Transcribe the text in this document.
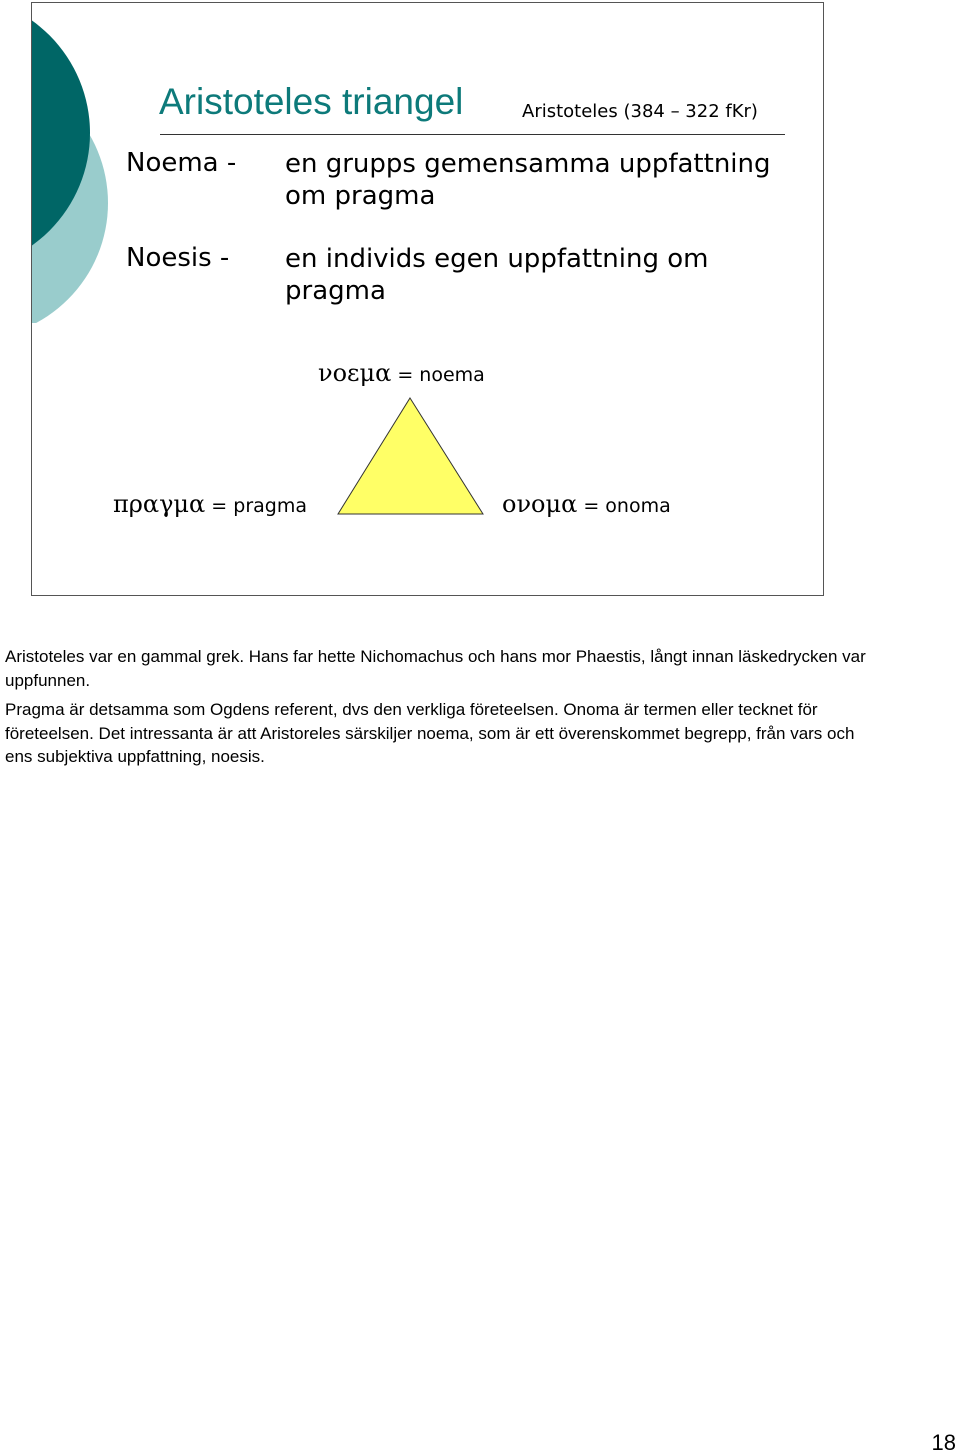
Aristoteles triangel	Aristoteles (384 – 322 fKr)
Noema - en grupps gemensamma uppfattning om pragma
Noesis - en individs egen uppfattning om pragma
νοεμα = noema
πραγμα = pragma	ονομα = onoma

Aristoteles var en gammal grek. Hans far hette Nichomachus och hans mor Phaestis, långt innan läskedrycken var uppfunnen.

Pragma är detsamma som Ogdens referent, dvs den verkliga företeelsen. Onoma är termen eller tecknet för företeelsen. Det intressanta är att Aristoreles särskiljer noema, som är ett överenskommet begrepp, från vars och ens subjektiva uppfattning, noesis.

18
